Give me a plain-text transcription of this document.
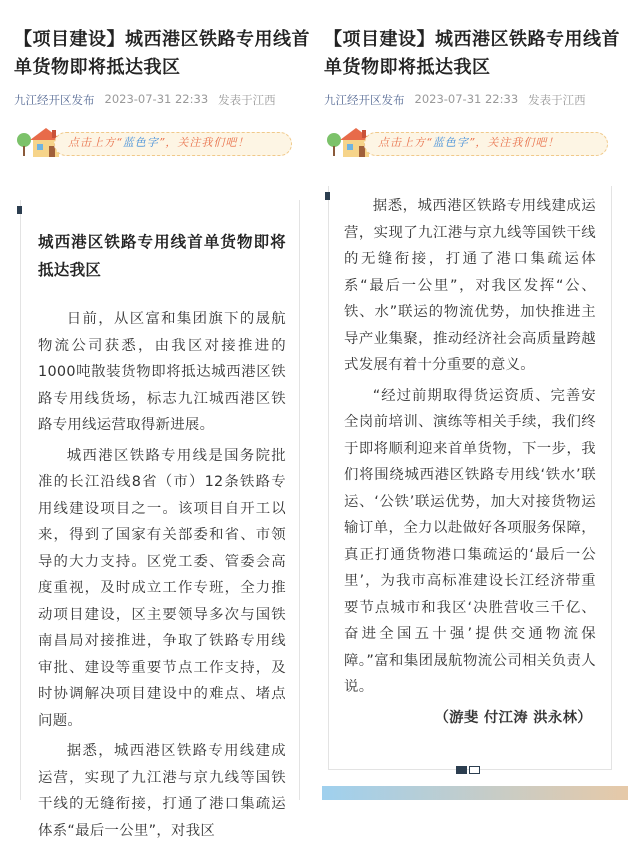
【项目建设】城西港区铁路专用线首单货物即将抵达我区
九江经开区发布 2023-07-31 22:33 发表于江西
点击上方“蓝色字”，关注我们吧！
城西港区铁路专用线首单货物即将抵达我区

日前，从区富和集团旗下的晟航物流公司获悉，由我区对接推进的1000吨散装货物即将抵达城西港区铁路专用线货场，标志九江城西港区铁路专用线运营取得新进展。

城西港区铁路专用线是国务院批准的长江沿线8省（市）12条铁路专用线建设项目之一。该项目自开工以来，得到了国家有关部委和省、市领导的大力支持。区党工委、管委会高度重视，及时成立工作专班，全力推动项目建设，区主要领导多次与国铁南昌局对接推进，争取了铁路专用线审批、建设等重要节点工作支持，及时协调解决项目建设中的难点、堵点问题。

据悉，城西港区铁路专用线建成运营，实现了九江港与京九线等国铁干线的无缝衔接，打通了港口集疏运体系“最后一公里”，对我区

【项目建设】城西港区铁路专用线首单货物即将抵达我区
九江经开区发布 2023-07-31 22:33 发表于江西
点击上方“蓝色字”，关注我们吧！

据悉，城西港区铁路专用线建成运营，实现了九江港与京九线等国铁干线的无缝衔接，打通了港口集疏运体系“最后一公里”，对我区发挥“公、铁、水”联运的物流优势，加快推进主导产业集聚，推动经济社会高质量跨越式发展有着十分重要的意义。

“经过前期取得货运资质、完善安全岗前培训、演练等相关手续，我们终于即将顺利迎来首单货物，下一步，我们将围绕城西港区铁路专用线‘铁水’联运、‘公铁’联运优势，加大对接货物运输订单，全力以赴做好各项服务保障，真正打通货物港口集疏运的‘最后一公里’，为我市高标准建设长江经济带重要节点城市和我区‘决胜营收三千亿、奋进全国五十强’提供交通物流保障。”富和集团晟航物流公司相关负责人说。

（游斐 付江涛 洪永林）
